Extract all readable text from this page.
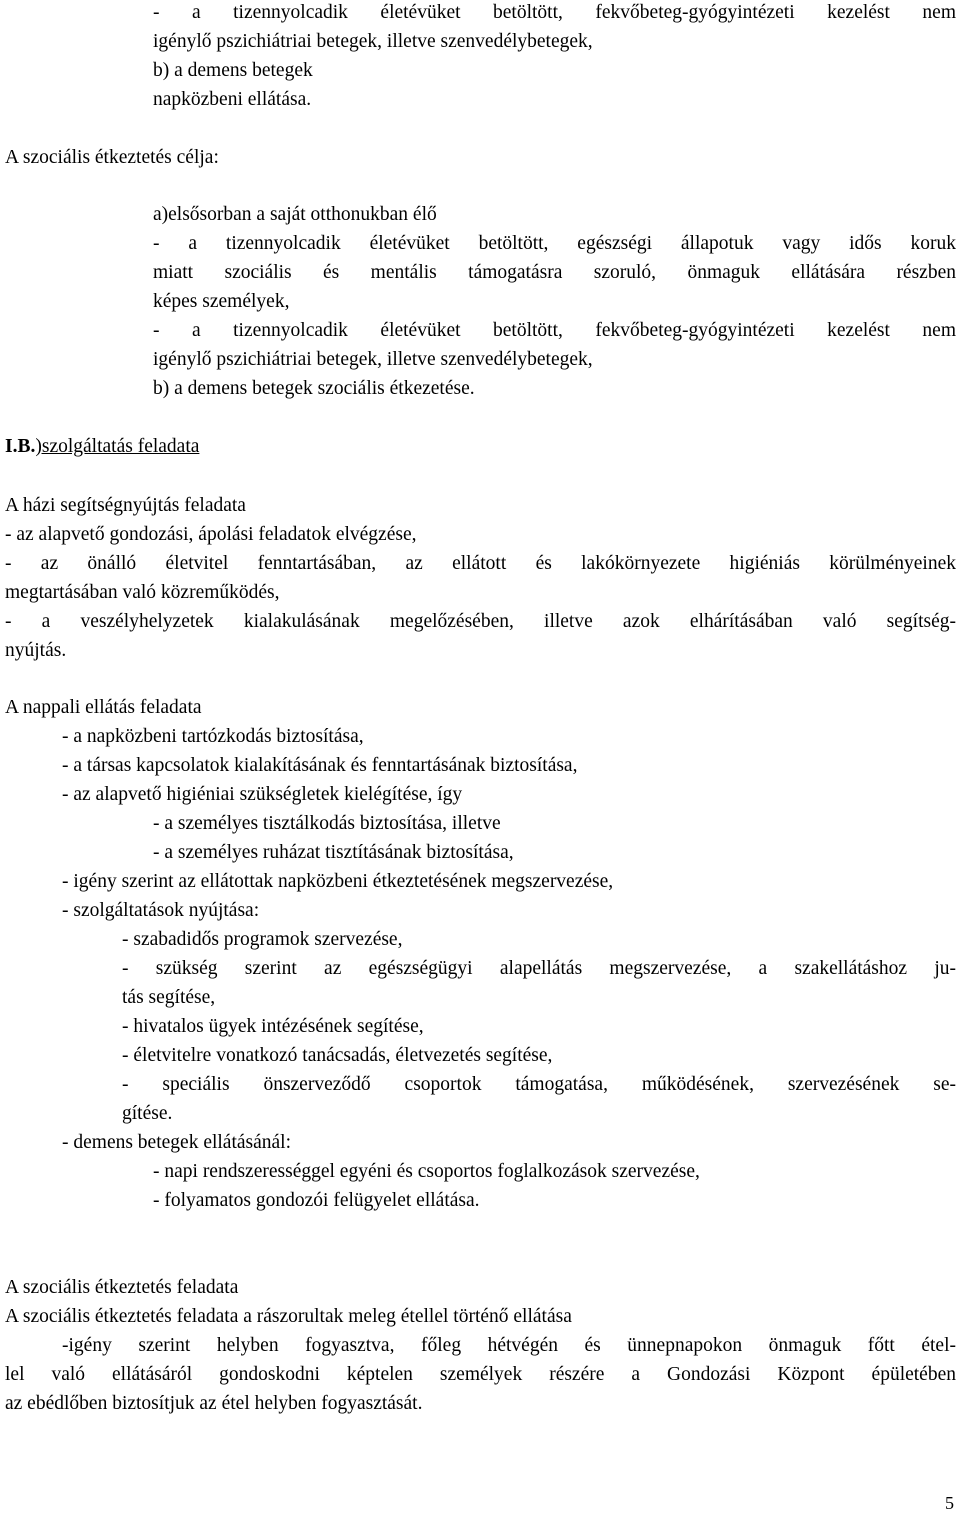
- a tizennyolcadik életévüket betöltött, fekvőbeteg-gyógyintézeti kezelést nem
igénylő pszichiátriai betegek, illetve szenvedélybetegek,
b) a demens betegek
napközbeni ellátása.
A szociális étkeztetés célja:
a)elsősorban a saját otthonukban élő
- a tizennyolcadik életévüket betöltött, egészségi állapotuk vagy idős koruk
miatt szociális és mentális támogatásra szoruló, önmaguk ellátására részben
képes személyek,
- a tizennyolcadik életévüket betöltött, fekvőbeteg-gyógyintézeti kezelést nem
igénylő pszichiátriai betegek, illetve szenvedélybetegek,
b) a demens betegek szociális étkezetése.
I.B.)szolgáltatás feladata
A házi segítségnyújtás feladata
- az alapvető gondozási, ápolási feladatok elvégzése,
- az önálló életvitel fenntartásában, az ellátott és lakókörnyezete higiéniás körülményeinek
megtartásában való közreműködés,
- a veszélyhelyzetek kialakulásának megelőzésében, illetve azok elhárításában való segítség-
nyújtás.
A nappali ellátás feladata
- a napközbeni tartózkodás biztosítása,
- a társas kapcsolatok kialakításának és fenntartásának biztosítása,
- az alapvető higiéniai szükségletek kielégítése, így
- a személyes tisztálkodás biztosítása, illetve
- a személyes ruházat tisztításának biztosítása,
- igény szerint az ellátottak napközbeni étkeztetésének megszervezése,
- szolgáltatások nyújtása:
- szabadidős programok szervezése,
- szükség szerint az egészségügyi alapellátás megszervezése, a szakellátáshoz ju-
tás segítése,
- hivatalos ügyek intézésének segítése,
- életvitelre vonatkozó tanácsadás, életvezetés segítése,
- speciális önszerveződő csoportok támogatása, működésének, szervezésének se-
gítése.
- demens betegek ellátásánál:
- napi rendszerességgel egyéni és csoportos foglalkozások szervezése,
- folyamatos gondozói felügyelet ellátása.
A szociális étkeztetés feladata
A szociális étkeztetés feladata a rászorultak meleg étellel történő ellátása
-igény szerint helyben fogyasztva, főleg hétvégén és ünnepnapokon önmaguk főtt étel-
lel való ellátásáról gondoskodni képtelen személyek részére a Gondozási Központ épületében
az ebédlőben biztosítjuk az étel helyben fogyasztását.
5
